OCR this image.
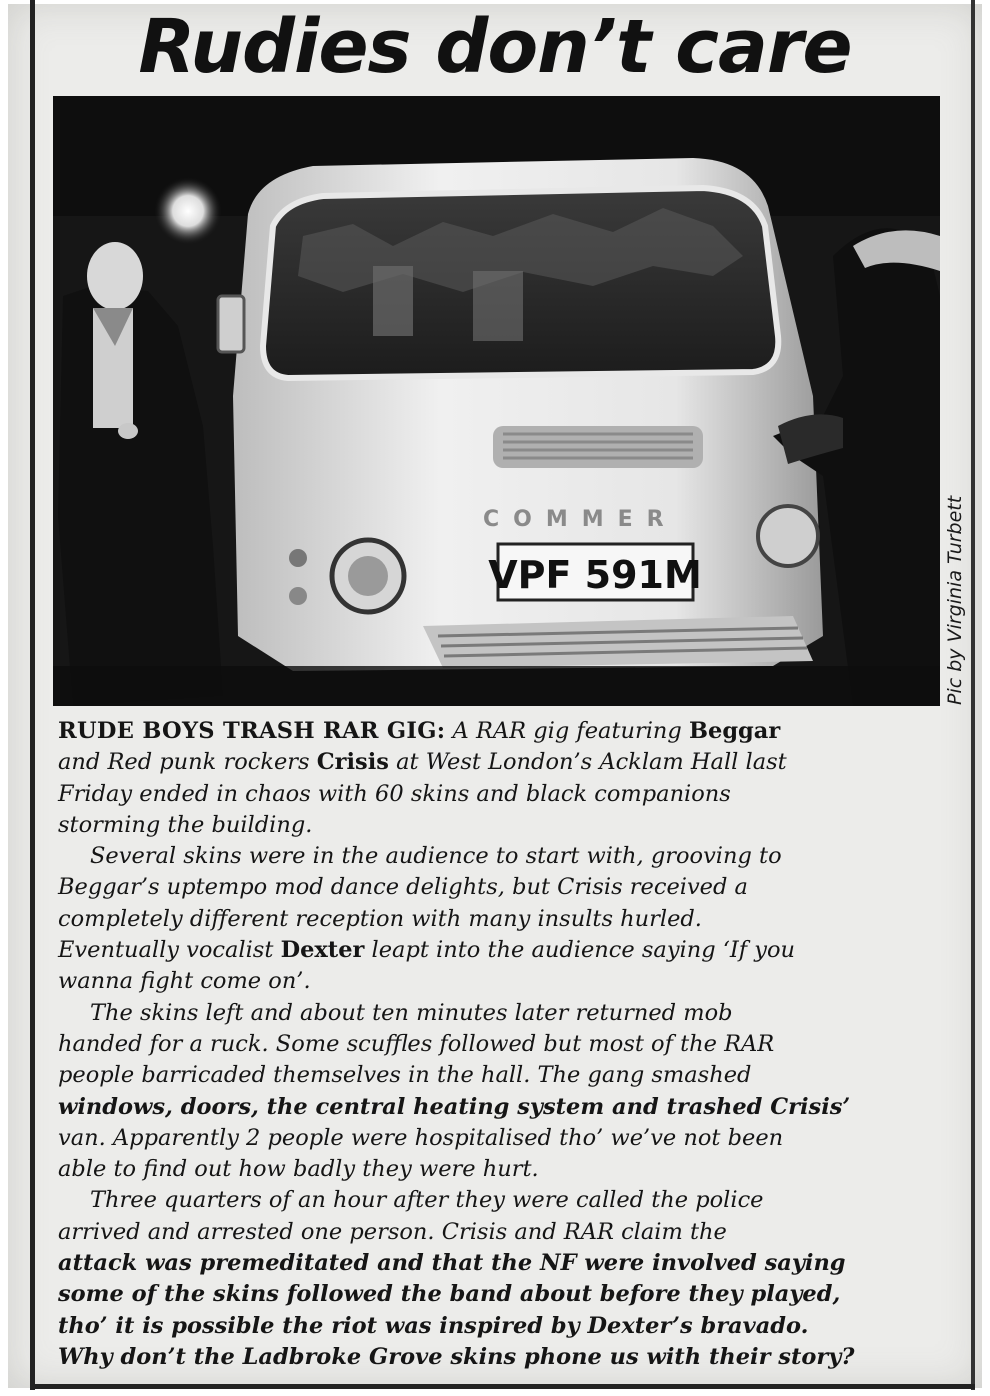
Rudies don’t care
COMMER
VPF 591M	Pic by Virginia Turbett
RUDE BOYS TRASH RAR GIG: A RAR gig featuring Beggar
and Red punk rockers Crisis at West London’s Acklam Hall last
Friday ended in chaos with 60 skins and black companions
storming the building.
Several skins were in the audience to start with, grooving to
Beggar’s uptempo mod dance delights, but Crisis received a
completely different reception with many insults hurled.
Eventually vocalist Dexter leapt into the audience saying ‘If you
wanna fight come on’.
The skins left and about ten minutes later returned mob
handed for a ruck. Some scuffles followed but most of the RAR
people barricaded themselves in the hall. The gang smashed
windows, doors, the central heating system and trashed Crisis’
van. Apparently 2 people were hospitalised tho’ we’ve not been
able to find out how badly they were hurt.
Three quarters of an hour after they were called the police
arrived and arrested one person. Crisis and RAR claim the
attack was premeditated and that the NF were involved saying
some of the skins followed the band about before they played,
tho’ it is possible the riot was inspired by Dexter’s bravado.
Why don’t the Ladbroke Grove skins phone us with their story?
